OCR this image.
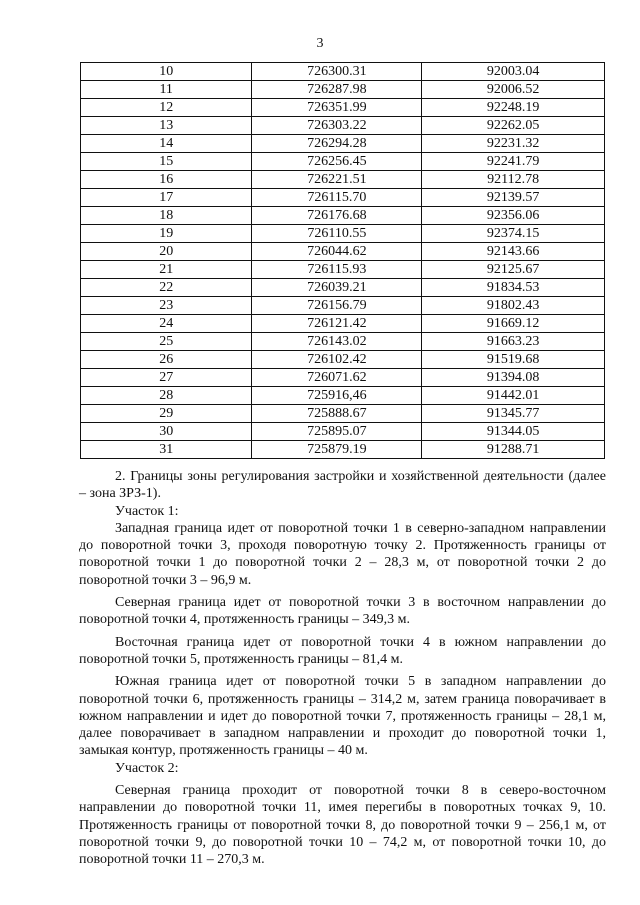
3
10	726300.31	92003.04
11	726287.98	92006.52
12	726351.99	92248.19
13	726303.22	92262.05
14	726294.28	92231.32
15	726256.45	92241.79
16	726221.51	92112.78
17	726115.70	92139.57
18	726176.68	92356.06
19	726110.55	92374.15
20	726044.62	92143.66
21	726115.93	92125.67
22	726039.21	91834.53
23	726156.79	91802.43
24	726121.42	91669.12
25	726143.02	91663.23
26	726102.42	91519.68
27	726071.62	91394.08
28	725916,46	91442.01
29	725888.67	91345.77
30	725895.07	91344.05
31	725879.19	91288.71

2. Границы зоны регулирования застройки и хозяйственной деятельности (далее – зона ЗРЗ-1).

Участок 1:

Западная граница идет от поворотной точки 1 в северно-западном направлении до поворотной точки 3, проходя поворотную точку 2. Протяженность границы от поворотной точки 1 до поворотной точки 2 – 28,3 м, от поворотной точки 2 до поворотной точки 3 – 96,9 м.

Северная граница идет от поворотной точки 3 в восточном направлении до поворотной точки 4, протяженность границы – 349,3 м.

Восточная граница идет от поворотной точки 4 в южном направлении до поворотной точки 5, протяженность границы – 81,4 м.

Южная граница идет от поворотной точки 5 в западном направлении до поворотной точки 6, протяженность границы – 314,2 м, затем граница поворачивает в южном направлении и идет до поворотной точки 7, протяженность границы – 28,1 м, далее поворачивает в западном направлении и проходит до поворотной точки 1, замыкая контур, протяженность границы – 40 м.

Участок 2:

Северная граница проходит от поворотной точки 8 в северо-восточном направлении до поворотной точки 11, имея перегибы в поворотных точках 9, 10. Протяженность границы от поворотной точки 8, до поворотной точки 9 – 256,1 м, от поворотной точки 9, до поворотной точки 10 – 74,2 м, от поворотной точки 10, до поворотной точки 11 – 270,3 м.
